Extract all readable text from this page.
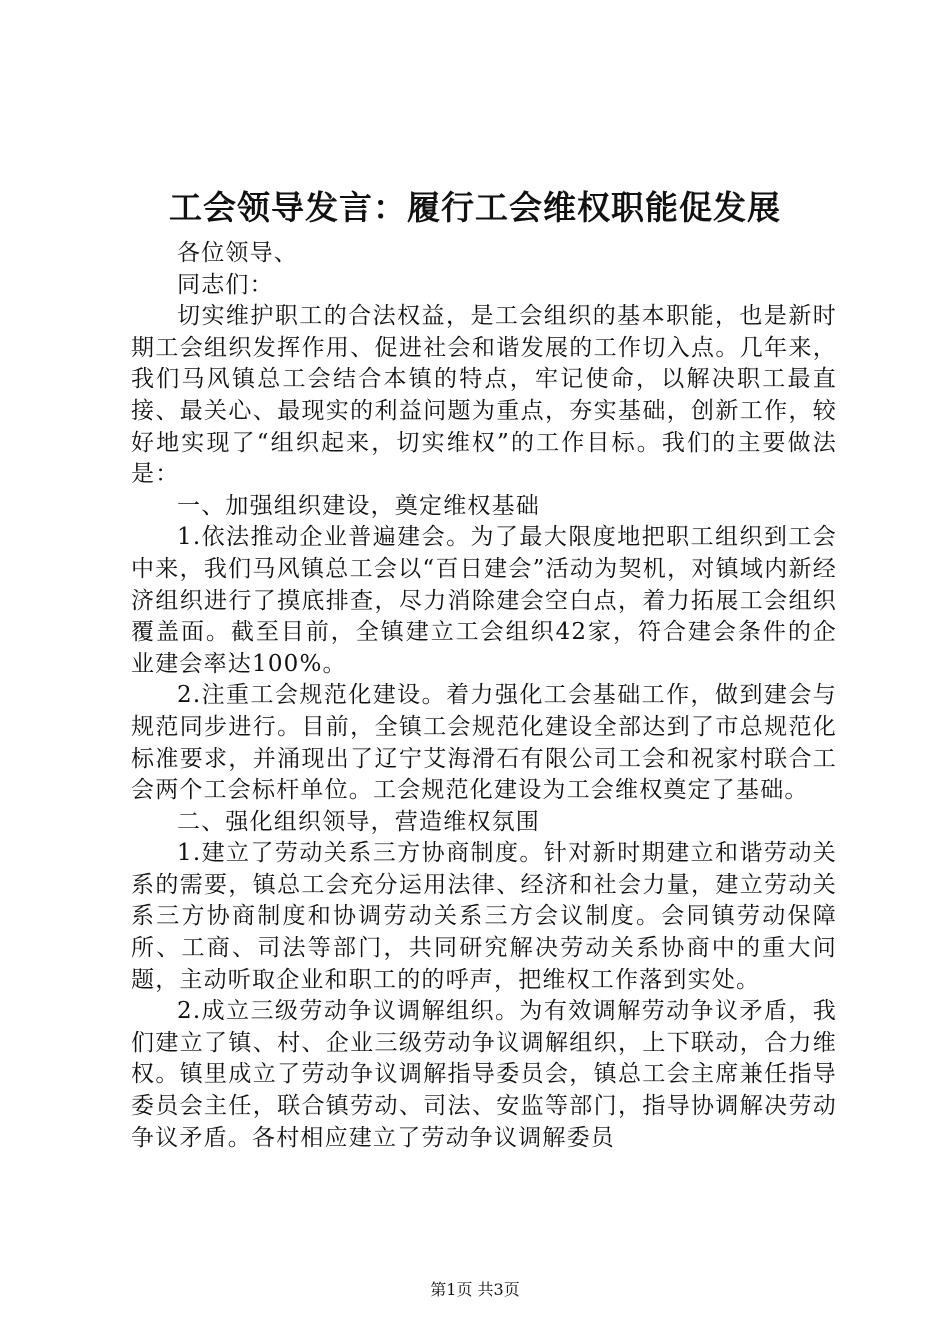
工会领导发言：履行工会维权职能促发展

各位领导、

同志们：

切实维护职工的合法权益，是工会组织的基本职能，也是新时期工会组织发挥作用、促进社会和谐发展的工作切入点。几年来，我们马风镇总工会结合本镇的特点，牢记使命，以解决职工最直接、最关心、最现实的利益问题为重点，夯实基础，创新工作，较好地实现了“组织起来，切实维权”的工作目标。我们的主要做法是：

一、加强组织建设，奠定维权基础

1.依法推动企业普遍建会。为了最大限度地把职工组织到工会中来，我们马风镇总工会以“百日建会”活动为契机，对镇域内新经济组织进行了摸底排查，尽力消除建会空白点，着力拓展工会组织覆盖面。截至目前，全镇建立工会组织42家，符合建会条件的企业建会率达100%。

2.注重工会规范化建设。着力强化工会基础工作，做到建会与规范同步进行。目前，全镇工会规范化建设全部达到了市总规范化标准要求，并涌现出了辽宁艾海滑石有限公司工会和祝家村联合工会两个工会标杆单位。工会规范化建设为工会维权奠定了基础。

二、强化组织领导，营造维权氛围

1.建立了劳动关系三方协商制度。针对新时期建立和谐劳动关系的需要，镇总工会充分运用法律、经济和社会力量，建立劳动关系三方协商制度和协调劳动关系三方会议制度。会同镇劳动保障所、工商、司法等部门，共同研究解决劳动关系协商中的重大问题，主动听取企业和职工的的呼声，把维权工作落到实处。

2.成立三级劳动争议调解组织。为有效调解劳动争议矛盾，我们建立了镇、村、企业三级劳动争议调解组织，上下联动，合力维权。镇里成立了劳动争议调解指导委员会，镇总工会主席兼任指导委员会主任，联合镇劳动、司法、安监等部门，指导协调解决劳动争议矛盾。各村相应建立了劳动争议调解委员

第1页 共3页
